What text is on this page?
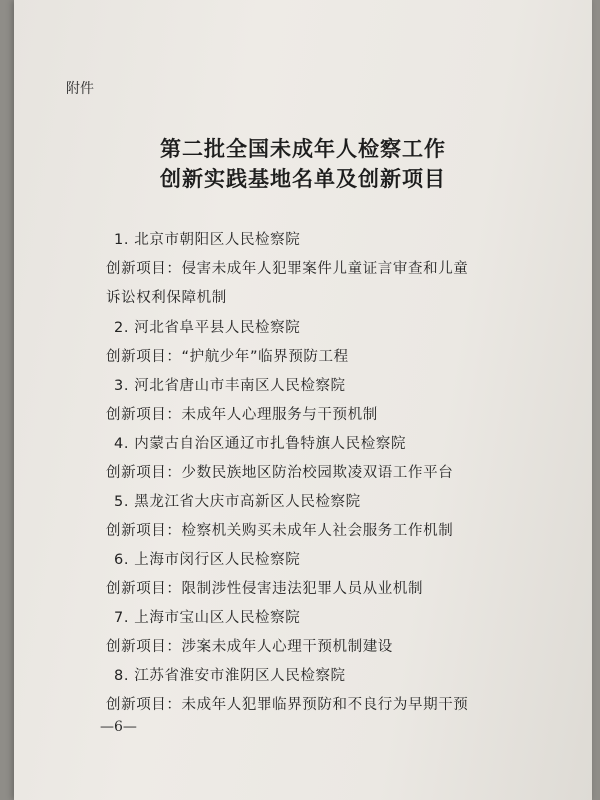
附件
第二批全国未成年人检察工作
创新实践基地名单及创新项目
1. 北京市朝阳区人民检察院
创新项目：侵害未成年人犯罪案件儿童证言审查和儿童
诉讼权利保障机制
2. 河北省阜平县人民检察院
创新项目：“护航少年”临界预防工程
3. 河北省唐山市丰南区人民检察院
创新项目：未成年人心理服务与干预机制
4. 内蒙古自治区通辽市扎鲁特旗人民检察院
创新项目：少数民族地区防治校园欺凌双语工作平台
5. 黑龙江省大庆市高新区人民检察院
创新项目：检察机关购买未成年人社会服务工作机制
6. 上海市闵行区人民检察院
创新项目：限制涉性侵害违法犯罪人员从业机制
7. 上海市宝山区人民检察院
创新项目：涉案未成年人心理干预机制建设
8. 江苏省淮安市淮阴区人民检察院
创新项目：未成年人犯罪临界预防和不良行为早期干预
—6—
